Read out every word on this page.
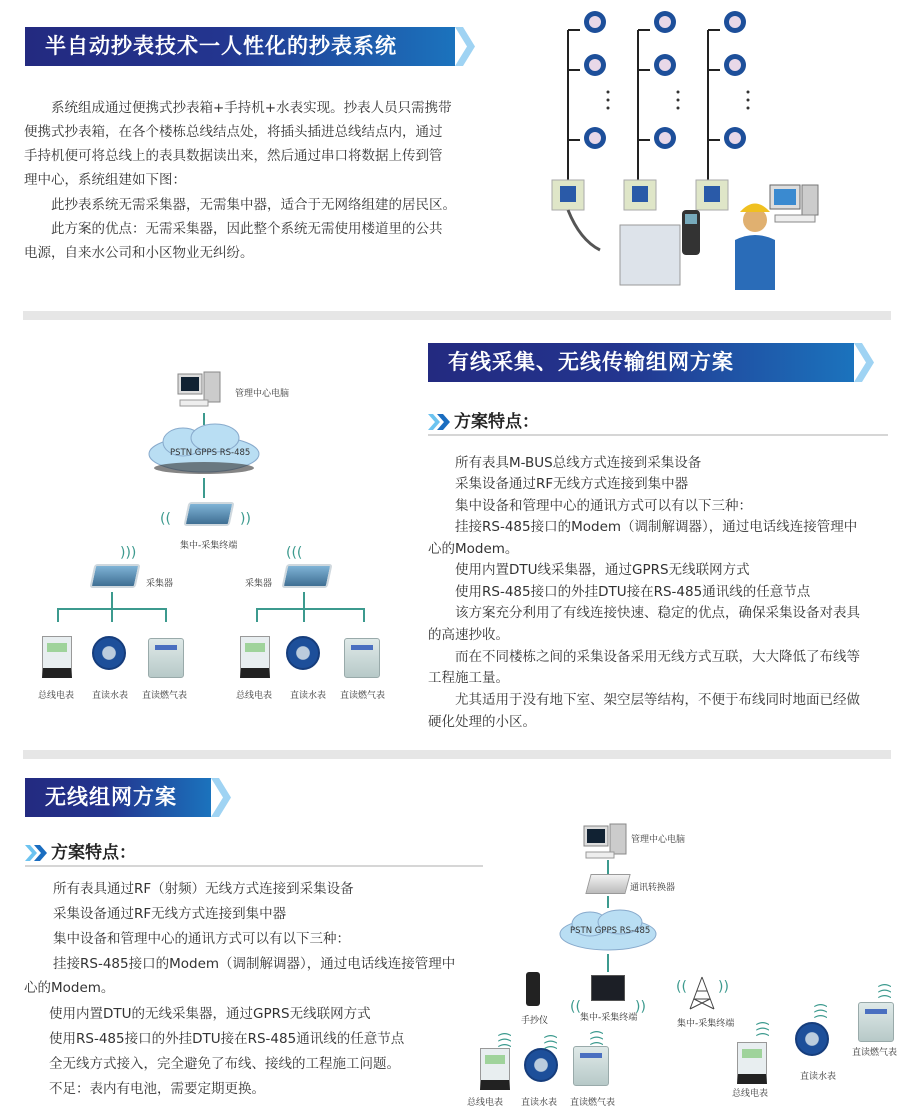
半自动抄表技术一人性化的抄表系统
　　系统组成通过便携式抄表箱+手持机+水表实现。抄表人员只需携带
便携式抄表箱，在各个楼栋总线结点处，将插头插进总线结点内，通过
手持机便可将总线上的表具数据读出来，然后通过串口将数据上传到管
理中心，系统组建如下图：
　　此抄表系统无需采集器，无需集中器，适合于无网络组建的居民区。
　　此方案的优点：无需采集器，因此整个系统无需使用楼道里的公共
电源，自来水公司和小区物业无纠纷。
有线采集、无线传输组网方案
方案特点：
　　所有表具M-BUS总线方式连接到采集设备
　　采集设备通过RF无线方式连接到集中器
　　集中设备和管理中心的通讯方式可以有以下三种：
　　挂接RS-485接口的Modem（调制解调器），通过电话线连接管理中
心的Modem。
　　使用内置DTU线采集器，通过GPRS无线联网方式
　　使用RS-485接口的外挂DTU接在RS-485通讯线的任意节点
　　该方案充分利用了有线连接快速、稳定的优点，确保采集设备对表具
的高速抄收。
　　而在不同楼栋之间的采集设备采用无线方式互联，大大降低了布线等
工程施工量。
　　尤其适用于没有地下室、架空层等结构，不便于布线同时地面已经做
硬化处理的小区。
管理中心电脑
PSTN GPPS RS-485
((	))
集中-采集终端
)))
采集器
总线电表 直读水表 直读燃气表
(((
采集器
总线电表 直读水表 直读燃气表
无线组网方案
方案特点：
　　所有表具通过RF（射频）无线方式连接到采集设备
　　采集设备通过RF无线方式连接到集中器
　　集中设备和管理中心的通讯方式可以有以下三种：
　　挂接RS-485接口的Modem（调制解调器），通过电话线连接管理中
心的Modem。
　　使用内置DTU的无线采集器，通过GPRS无线联网方式
　　使用RS-485接口的外挂DTU接在RS-485通讯线的任意节点
　　全无线方式接入，完全避免了布线、接线的工程施工问题。
　　不足：表内有电池，需要定期更换。
管理中心电脑
通讯转换器
PSTN GPPS RS-485
手抄仪
((	))
集中-采集终端
(( ))
集中-采集终端
((( ((( (((
总线电表 直读水表 直读燃气表
(((
(((
(((
总线电表
直读水表
直读燃气表
